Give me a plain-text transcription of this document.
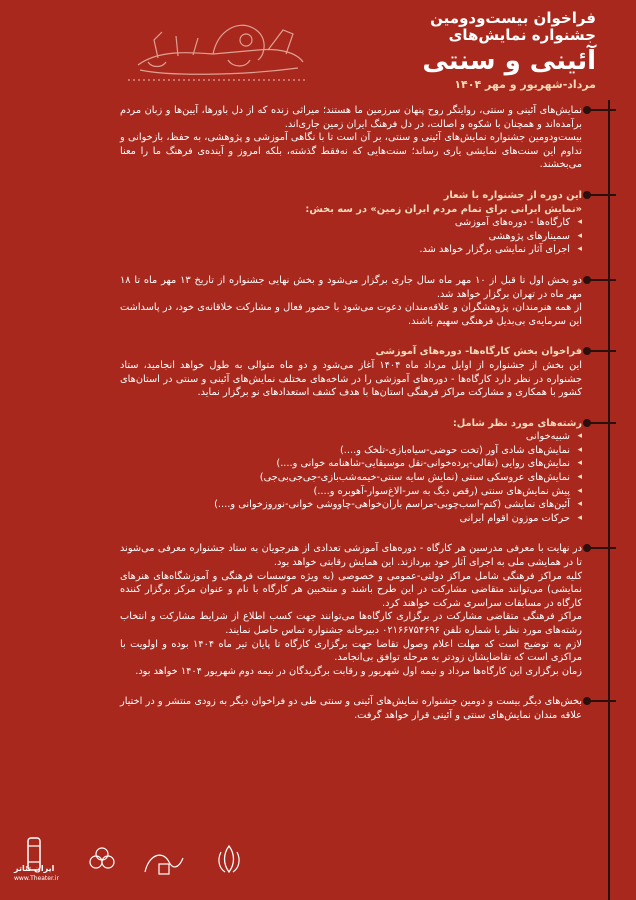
فراخوان بیست‌و‌دومین
جشنواره نمایش‌های
آئینی و سنتی
مرداد-شهریور و مهر ۱۴۰۴

نمایش‌های آئینی و سنتی، روایتگر روح پنهان سرزمین ما هستند؛ میراثی زنده که از دل باورها، آیین‌ها و زبان مردم برآمده‌اند و همچنان با شکوه و اصالت، در دل فرهنگ ایران زمین جاری‌اند.

بیست‌و‌دومین جشنواره نمایش‌های آئینی و سنتی، بر آن است تا با نگاهی آموزشی و پژوهشی، به حفظ، بازخوانی و تداوم این سنت‌های نمایشی یاری رساند؛ سنت‌هایی که نه‌فقط گذشته، بلکه امروز و آینده‌ی فرهنگ ما را معنا می‌بخشند.

این دوره از جشنواره با شعار

«نمایش ایرانی برای تمام مردم ایران زمین» در سه بخش:

◂ کارگاه‌ها - دوره‌های آموزشی
◂ سمینارهای پژوهشی
◂ اجرای آثار نمایشی برگزار خواهد شد.

دو بخش اول تا قبل از ۱۰ مهر ماه سال جاری برگزار می‌شود و بخش نهایی جشنواره از تاریخ ۱۳ مهر ماه تا ۱۸ مهر ماه در تهران برگزار خواهد شد.

از همه هنرمندان، پژوهشگران و علاقه‌مندان دعوت می‌شود با حضور فعال و مشارکت خلاقانه‌ی خود، در پاسداشت این سرمایه‌ی بی‌بدیل فرهنگی سهیم باشند.

فراخوان بخش کارگاه‌ها- دوره‌های آموزشی

این بخش از جشنواره از اوایل مرداد ماه ۱۴۰۴ آغاز می‌شود و دو ماه متوالی به طول خواهد انجامید، ستاد جشنواره در نظر دارد کارگاه‌ها - دوره‌های آموزشی را در شاخه‌های مختلف نمایش‌های آئینی و سنتی در استان‌های کشور با همکاری و مشارکت مراکز فرهنگی استان‌ها با هدف کشف استعدادهای نو برگزار نماید.

رشته‌های مورد نظر شامل:

◂ شبیه‌خوانی
◂ نمایش‌های شادی آور (تخت حوضی-سیاه‌بازی-تلخک و....)
◂ نمایش‌های روایی (نقالی-پرده‌خوانی-نقل موسیقایی-شاهنامه خوانی و....)
◂ نمایش‌های عروسکی سنتی (نمایش سایه سنتی-خیمه‌شب‌بازی-جی‌جی‌بی‌جی)
◂ پیش نمایش‌های سنتی (رقص دیگ به سر-الاغ‌سوار-آهوبره و....)
◂ آئین‌های نمایشی (کتم-اسب‌چوبی-مراسم باران‌خواهی-چاووشی خوانی-نوروزخوانی و....)
◂ حرکات موزون اقوام ایرانی

در نهایت با معرفی مدرسین هر کارگاه - دوره‌های آموزشی تعدادی از هنرجویان به ستاد جشنواره معرفی می‌شوند تا در همایشی ملی به اجرای آثار خود بپردازند. این همایش رقابتی خواهد بود.

کلیه مراکز فرهنگی شامل مراکز دولتی-عمومی و خصوصی (به ویژه موسسات فرهنگی و آموزشگاه‌های هنرهای نمایشی) می‌توانند متقاضی مشارکت در این طرح باشند و منتخبین هر کارگاه با نام و عنوان مرکز برگزار کننده کارگاه در مسابقات سراسری شرکت خواهند کرد.

مراکز فرهنگی متقاضی مشارکت در برگزاری کارگاه‌ها می‌توانند جهت کسب اطلاع از شرایط مشارکت و انتخاب رشته‌های مورد نظر با شماره تلفن ۰۲۱۶۶۷۵۴۶۹۶ دبیرخانه جشنواره تماس حاصل نمایند.

لازم به توضیح است که مهلت اعلام وصول تقاضا جهت برگزاری کارگاه تا پایان تیر ماه ۱۴۰۴ بوده و اولویت با مراکزی است که تقاضایشان زودتر به مرحله توافق بی‌انجامد.

زمان برگزاری این کارگاه‌ها مرداد و نیمه اول شهریور و رقابت برگزیدگان در نیمه دوم شهریور ۱۴۰۴ خواهد بود.

بخش‌های دیگر بیست و دومین جشنواره نمایش‌های آئینی و سنتی طی دو فراخوان دیگر به زودی منتشر و در اختیار علاقه مندان نمایش‌های سنتی و آئینی قرار خواهد گرفت.

ایران تئاتر
www.Theater.ir
